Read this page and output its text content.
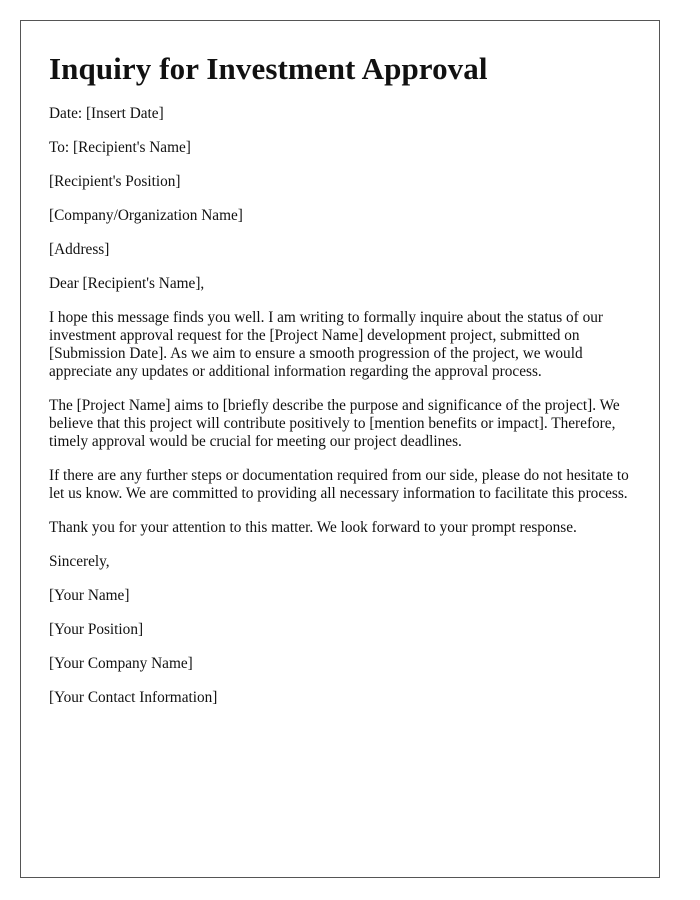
Inquiry for Investment Approval

Date: [Insert Date]

To: [Recipient's Name]

[Recipient's Position]

[Company/Organization Name]

[Address]

Dear [Recipient's Name],

I hope this message finds you well. I am writing to formally inquire about the status of our investment approval request for the [Project Name] development project, submitted on [Submission Date]. As we aim to ensure a smooth progression of the project, we would appreciate any updates or additional information regarding the approval process.

The [Project Name] aims to [briefly describe the purpose and significance of the project]. We believe that this project will contribute positively to [mention benefits or impact]. Therefore, timely approval would be crucial for meeting our project deadlines.

If there are any further steps or documentation required from our side, please do not hesitate to let us know. We are committed to providing all necessary information to facilitate this process.

Thank you for your attention to this matter. We look forward to your prompt response.

Sincerely,

[Your Name]

[Your Position]

[Your Company Name]

[Your Contact Information]
